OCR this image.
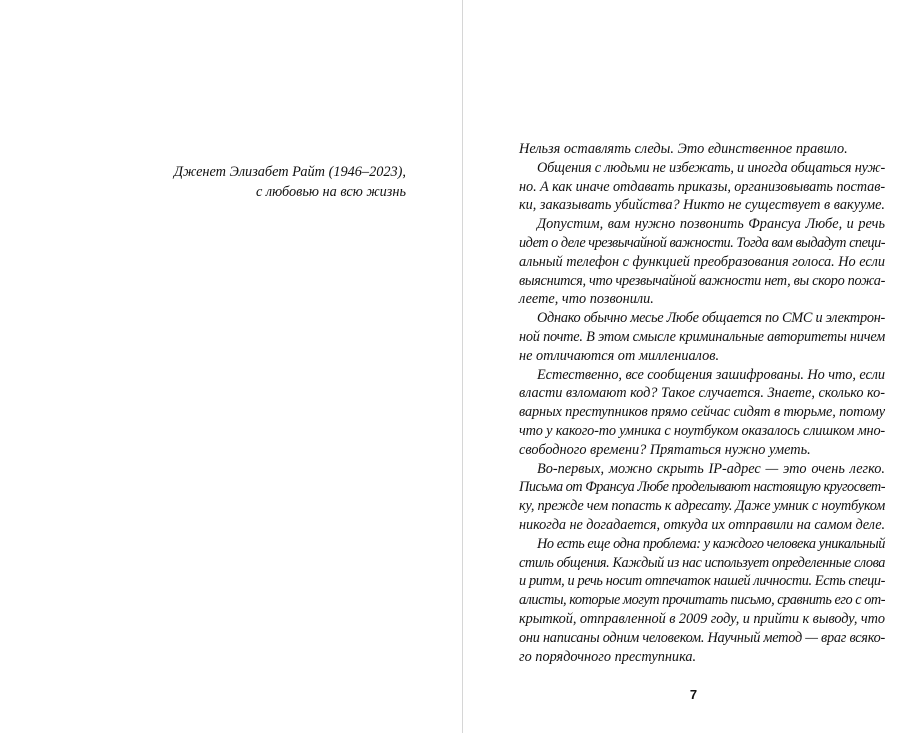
Дженет Элизабет Райт (1946–2023),
с любовью на всю жизнь
Нельзя оставлять следы. Это единственное правило.
Общения с людьми не избежать, и иногда общаться нуж-
но. А как иначе отдавать приказы, организовывать постав-
ки, заказывать убийства? Никто не существует в вакууме.
Допустим, вам нужно позвонить Франсуа Любе, и речь
идет о деле чрезвычайной важности. Тогда вам выдадут специ-
альный телефон с функцией преобразования голоса. Но если
выяснится, что чрезвычайной важности нет, вы скоро пожа-
леете, что позвонили.
Однако обычно месье Любе общается по СМС и электрон-
ной почте. В этом смысле криминальные авторитеты ничем
не отличаются от миллениалов.
Естественно, все сообщения зашифрованы. Но что, если
власти взломают код? Такое случается. Знаете, сколько ко-
варных преступников прямо сейчас сидят в тюрьме, потому
что у какого-то умника с ноутбуком оказалось слишком мно-
свободного времени? Прятаться нужно уметь.
Во-первых, можно скрыть IP-адрес — это очень легко.
Письма от Франсуа Любе проделывают настоящую кругосвет-
ку, прежде чем попасть к адресату. Даже умник с ноутбуком
никогда не догадается, откуда их отправили на самом деле.
Но есть еще одна проблема: у каждого человека уникальный
стиль общения. Каждый из нас использует определенные слова
и ритм, и речь носит отпечаток нашей личности. Есть специ-
алисты, которые могут прочитать письмо, сравнить его с от-
крыткой, отправленной в 2009 году, и прийти к выводу, что
они написаны одним человеком. Научный метод — враг всяко-
го порядочного преступника.
7
